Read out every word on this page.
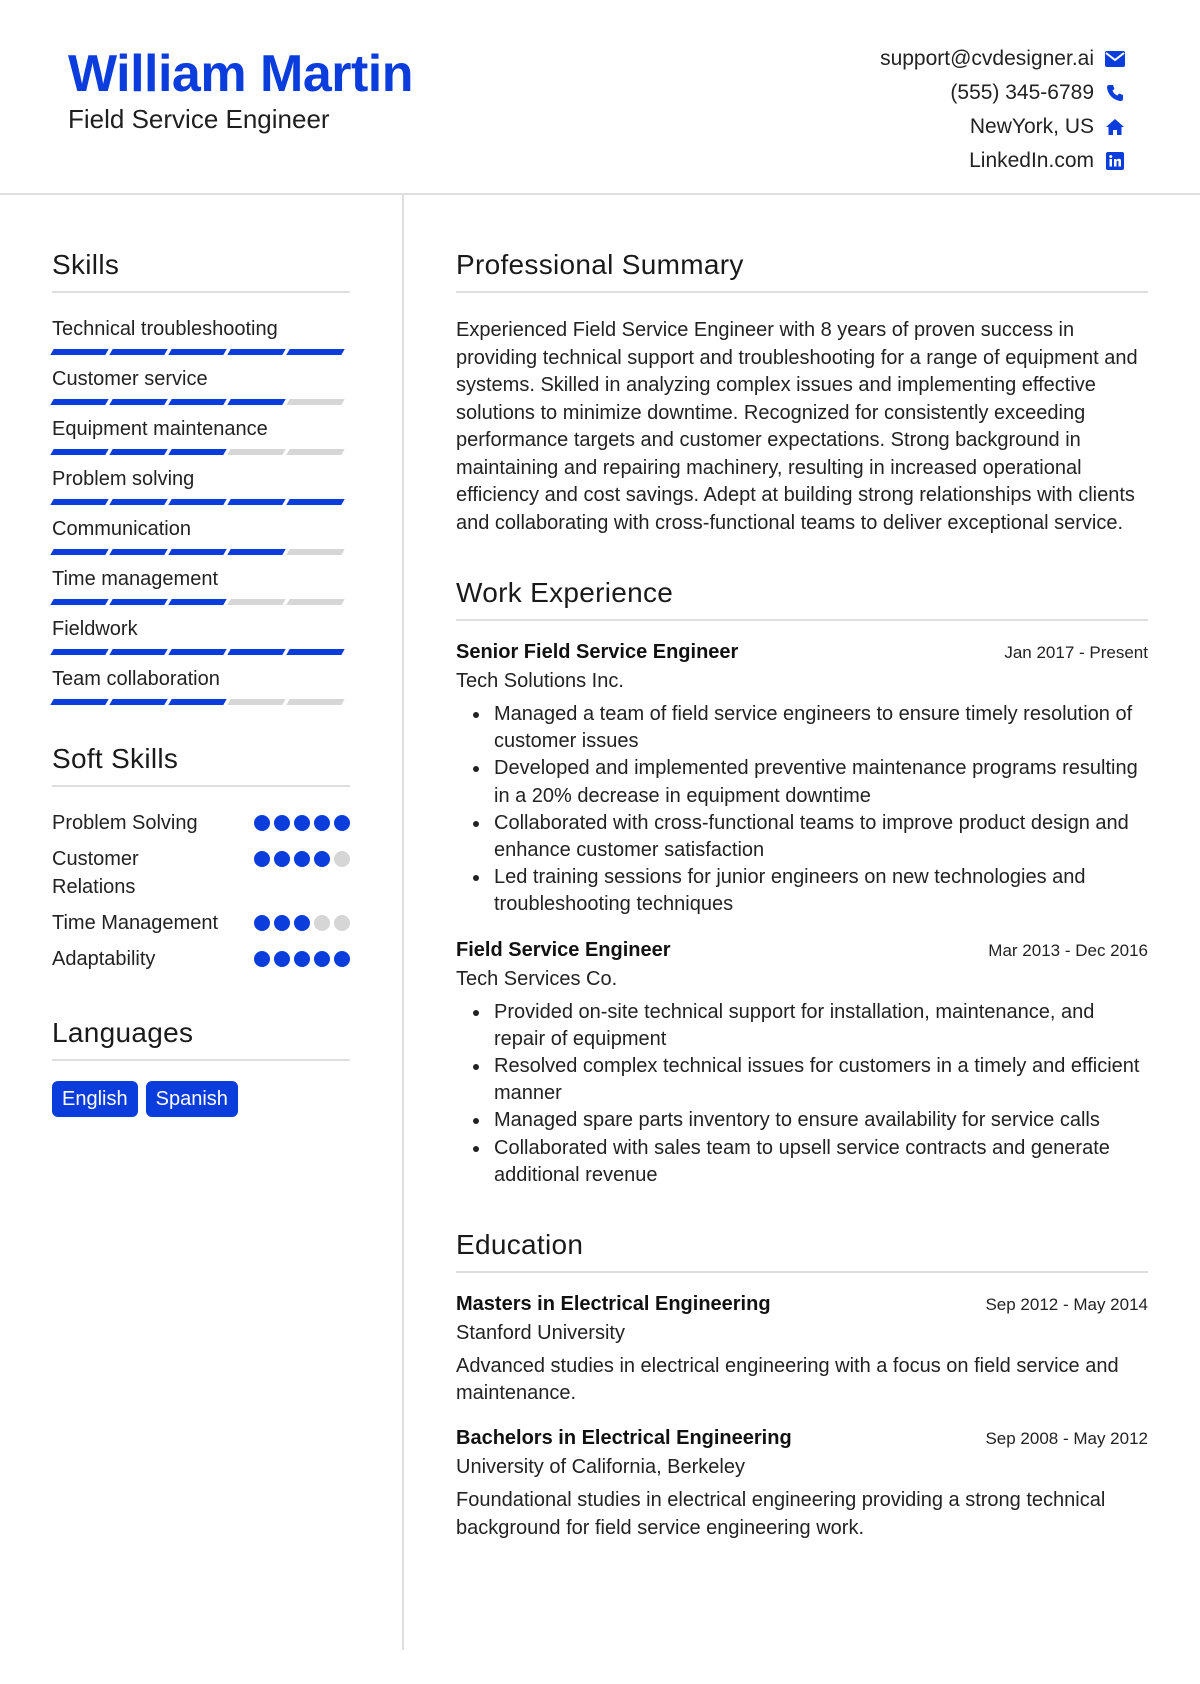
William Martin
Field Service Engineer
support@cvdesigner.ai
(555) 345-6789
NewYork, US
LinkedIn.com
Skills
Technical troubleshooting
Customer service
Equipment maintenance
Problem solving
Communication
Time management
Fieldwork
Team collaboration
Soft Skills
Problem Solving
Customer Relations
Time Management
Adaptability
Languages
English	Spanish
Professional Summary
Experienced Field Service Engineer with 8 years of proven success in providing technical support and troubleshooting for a range of equipment and systems. Skilled in analyzing complex issues and implementing effective solutions to minimize downtime. Recognized for consistently exceeding performance targets and customer expectations. Strong background in maintaining and repairing machinery, resulting in increased operational efficiency and cost savings. Adept at building strong relationships with clients and collaborating with cross-functional teams to deliver exceptional service.
Work Experience
Senior Field Service Engineer	Jan 2017 - Present
Tech Solutions Inc.
Managed a team of field service engineers to ensure timely resolution of customer issues
Developed and implemented preventive maintenance programs resulting in a 20% decrease in equipment downtime
Collaborated with cross-functional teams to improve product design and enhance customer satisfaction
Led training sessions for junior engineers on new technologies and troubleshooting techniques
Field Service Engineer	Mar 2013 - Dec 2016
Tech Services Co.
Provided on-site technical support for installation, maintenance, and repair of equipment
Resolved complex technical issues for customers in a timely and efficient manner
Managed spare parts inventory to ensure availability for service calls
Collaborated with sales team to upsell service contracts and generate additional revenue
Education
Masters in Electrical Engineering	Sep 2012 - May 2014
Stanford University
Advanced studies in electrical engineering with a focus on field service and maintenance.
Bachelors in Electrical Engineering	Sep 2008 - May 2012
University of California, Berkeley
Foundational studies in electrical engineering providing a strong technical background for field service engineering work.
